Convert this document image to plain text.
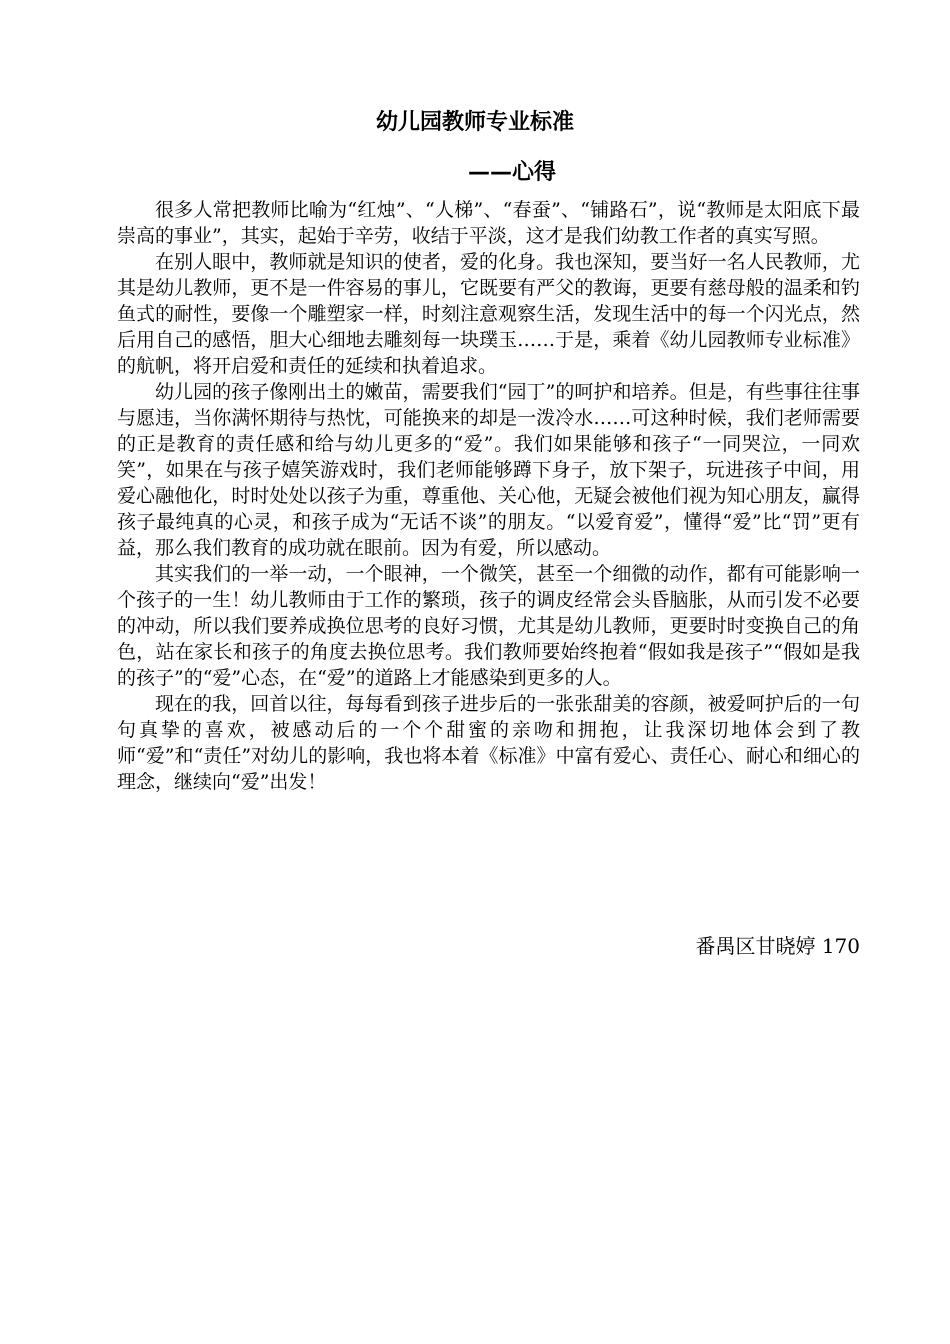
幼儿园教师专业标准
——心得

很多人常把教师比喻为“红烛”、“人梯”、“春蚕”、“铺路石”，说“教师是太阳底下最崇高的事业”，其实，起始于辛劳，收结于平淡，这才是我们幼教工作者的真实写照。

在别人眼中，教师就是知识的使者，爱的化身。我也深知，要当好一名人民教师，尤其是幼儿教师，更不是一件容易的事儿，它既要有严父的教诲，更要有慈母般的温柔和钓鱼式的耐性，要像一个雕塑家一样，时刻注意观察生活，发现生活中的每一个闪光点，然后用自己的感悟，胆大心细地去雕刻每一块璞玉……于是，乘着《幼儿园教师专业标准》的航帆，将开启爱和责任的延续和执着追求。

幼儿园的孩子像刚出土的嫩苗，需要我们“园丁”的呵护和培养。但是，有些事往往事与愿违，当你满怀期待与热忱，可能换来的却是一泼冷水……可这种时候，我们老师需要的正是教育的责任感和给与幼儿更多的“爱”。我们如果能够和孩子“一同哭泣，一同欢笑”，如果在与孩子嬉笑游戏时，我们老师能够蹲下身子，放下架子，玩进孩子中间，用爱心融他化，时时处处以孩子为重，尊重他、关心他，无疑会被他们视为知心朋友，赢得孩子最纯真的心灵，和孩子成为“无话不谈”的朋友。“以爱育爱”，懂得“爱”比“罚”更有益，那么我们教育的成功就在眼前。因为有爱，所以感动。

其实我们的一举一动，一个眼神，一个微笑，甚至一个细微的动作，都有可能影响一个孩子的一生！幼儿教师由于工作的繁琐，孩子的调皮经常会头昏脑胀，从而引发不必要的冲动，所以我们要养成换位思考的良好习惯，尤其是幼儿教师，更要时时变换自己的角色，站在家长和孩子的角度去换位思考。我们教师要始终抱着“假如我是孩子”“假如是我的孩子”的“爱”心态，在“爱”的道路上才能感染到更多的人。

现在的我，回首以往，每每看到孩子进步后的一张张甜美的容颜，被爱呵护后的一句句真挚的喜欢，被感动后的一个个甜蜜的亲吻和拥抱，让我深切地体会到了教师“爱”和“责任”对幼儿的影响，我也将本着《标准》中富有爱心、责任心、耐心和细心的理念，继续向“爱”出发！

番禺区甘晓婷 170
